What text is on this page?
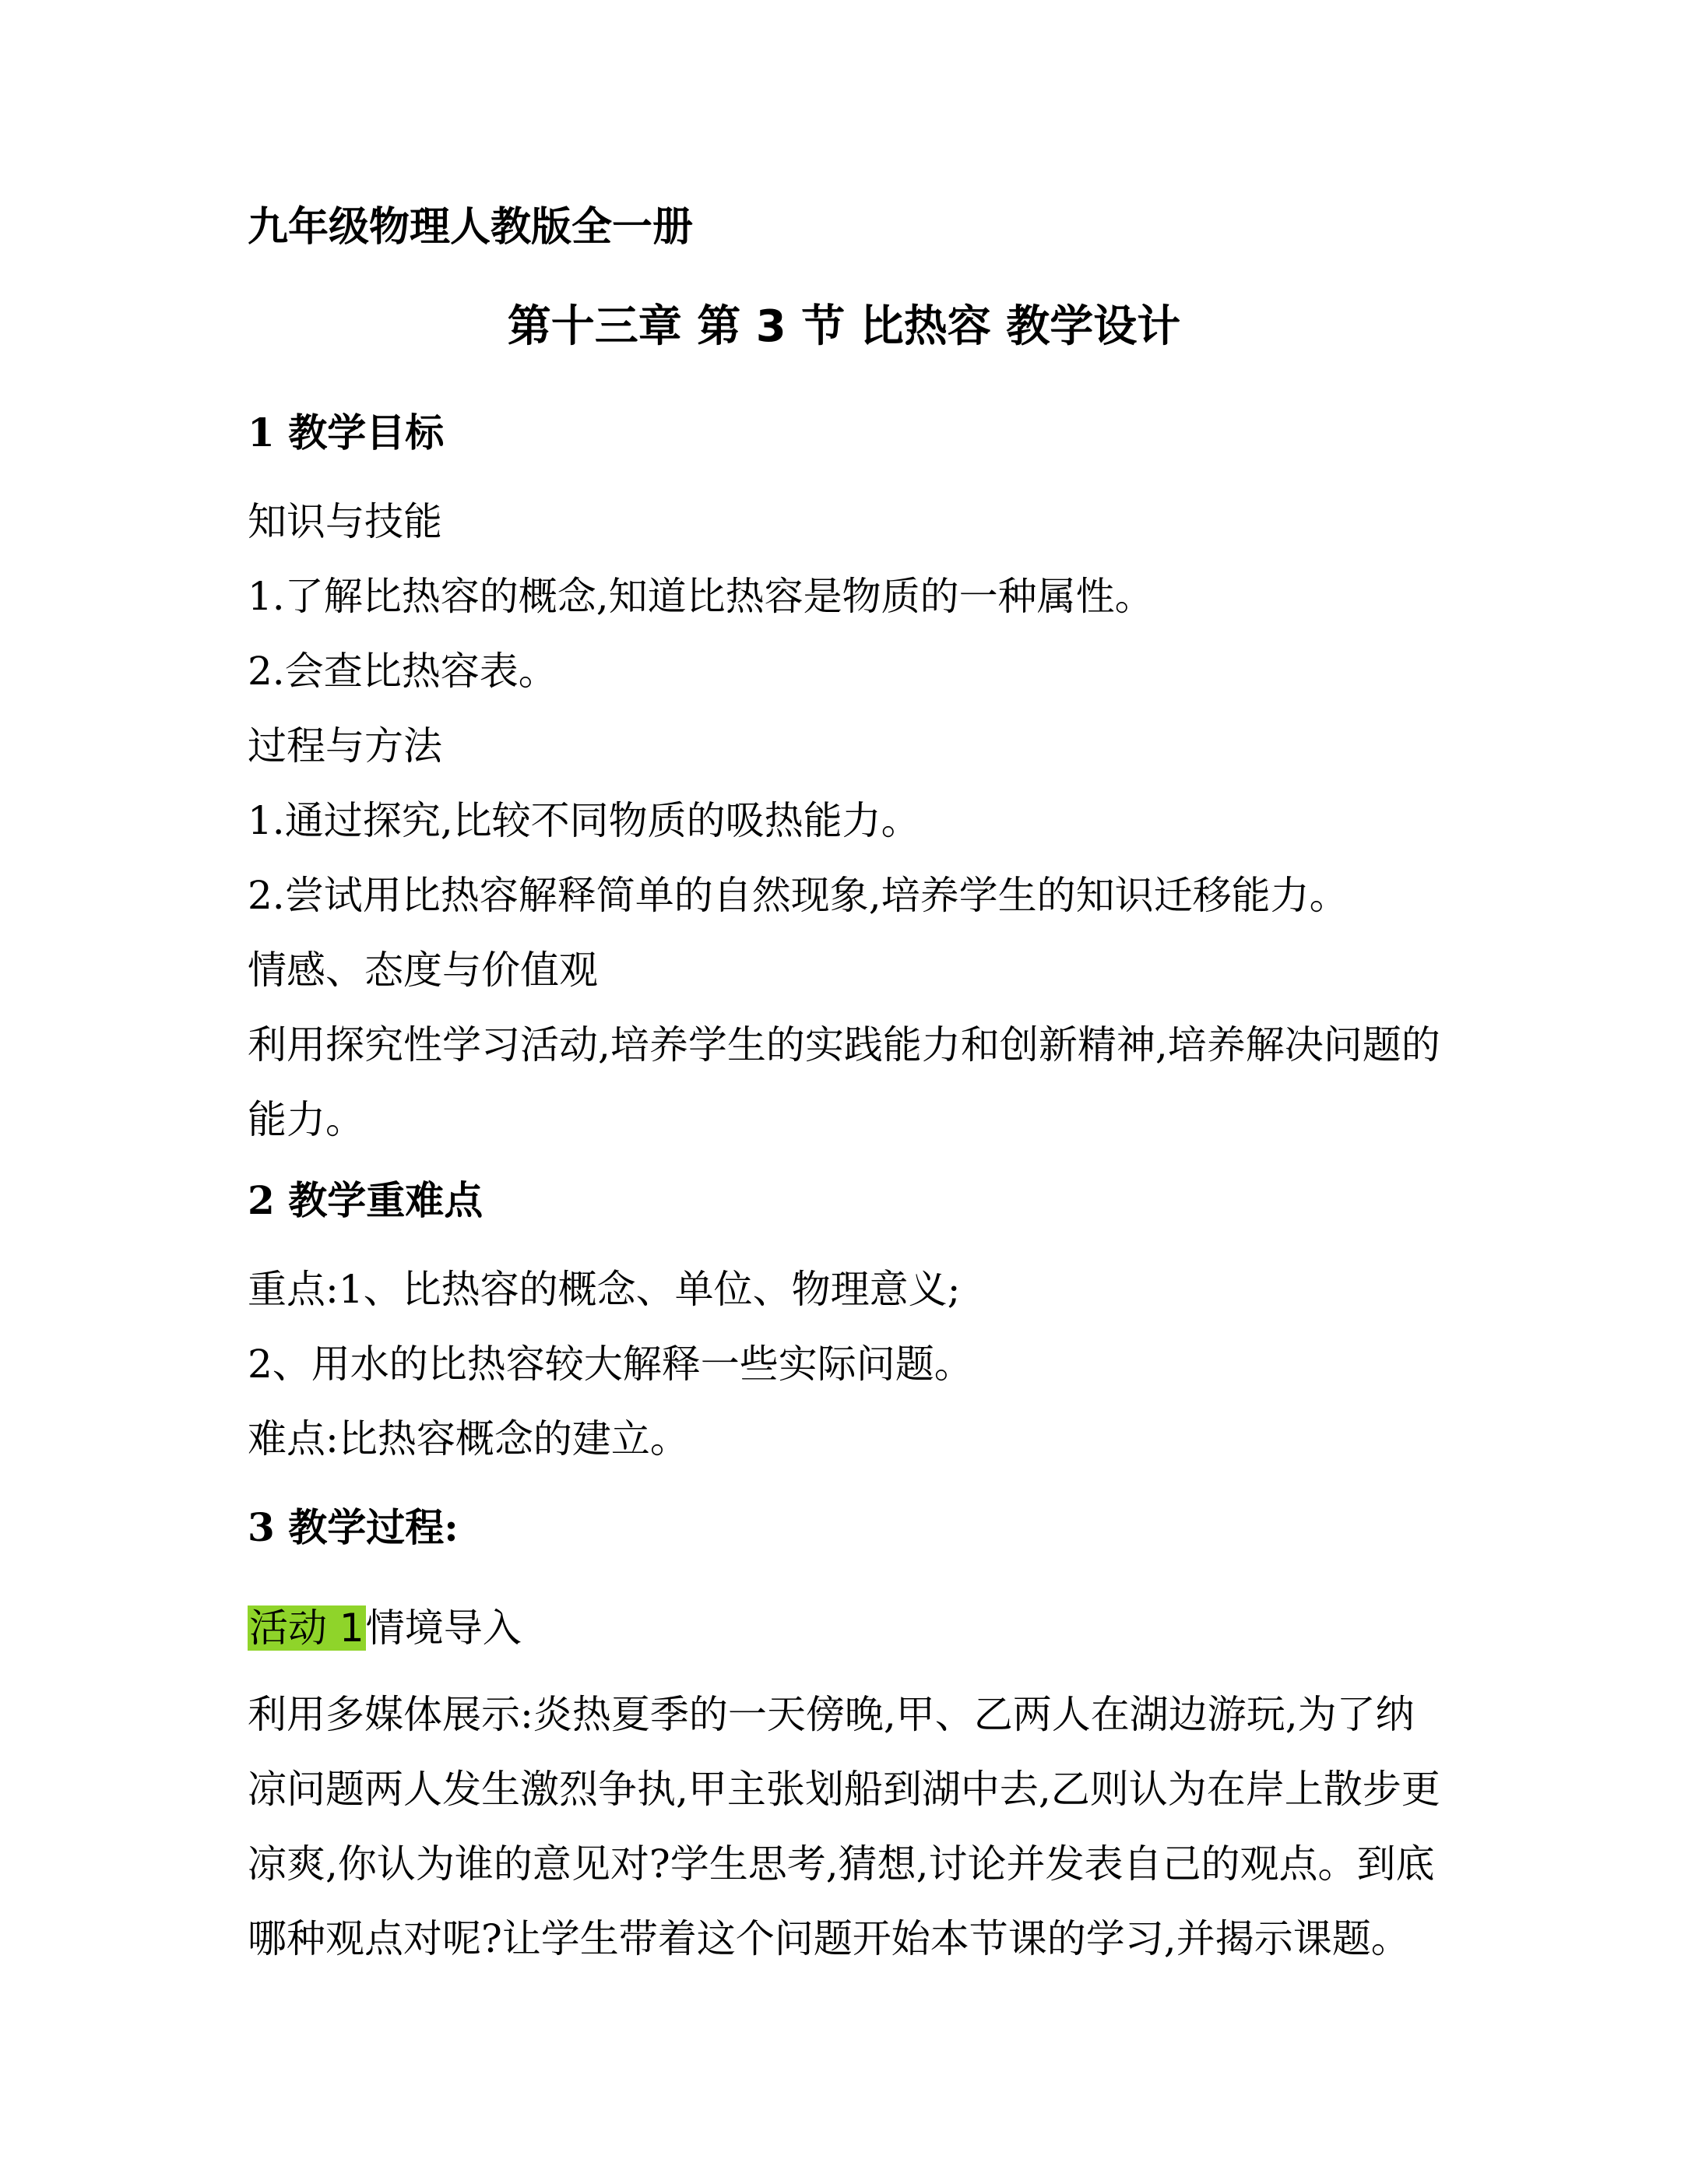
九年级物理人教版全一册
第十三章 第 3 节 比热容 教学设计
1 教学目标
知识与技能
1.了解比热容的概念,知道比热容是物质的一种属性。
2.会查比热容表。
过程与方法
1.通过探究,比较不同物质的吸热能力。
2.尝试用比热容解释简单的自然现象,培养学生的知识迁移能力。
情感、态度与价值观
利用探究性学习活动,培养学生的实践能力和创新精神,培养解决问题的能力。
2 教学重难点
重点:1、比热容的概念、单位、物理意义;
2、用水的比热容较大解释一些实际问题。
难点:比热容概念的建立。
3 教学过程:
活动 1情境导入
利用多媒体展示:炎热夏季的一天傍晚,甲、乙两人在湖边游玩,为了纳凉问题两人发生激烈争执,甲主张划船到湖中去,乙则认为在岸上散步更凉爽,你认为谁的意见对?学生思考,猜想,讨论并发表自己的观点。到底哪种观点对呢?让学生带着这个问题开始本节课的学习,并揭示课题。
